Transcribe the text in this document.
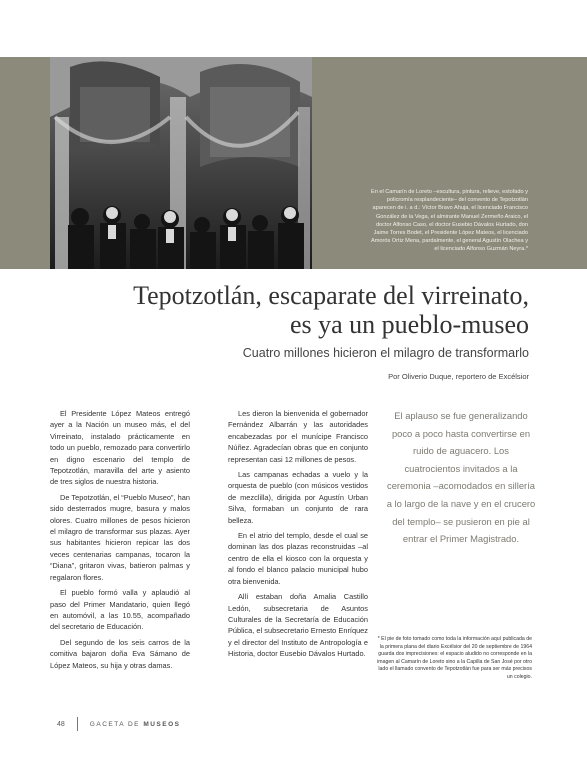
En el Camarín de Loreto –escultura, pintura, relieve, estofado y policromía resplandeciente– del convento de Tepotzotlán aparecen de i. a d.: Víctor Bravo Ahuja, el licenciado Francisco González de la Vega, el almirante Manuel Zermeño Araico, el doctor Alfonso Caso, el doctor Eusebio Dávalos Hurtado, don Jaime Torres Bodet, el Presidente López Mateos, el licenciado Amorós Ortiz Mena, pardalmente, el general Agustín Olachea y el licenciado Alfonso Guzmán Neyra.*
Tepotzotlán, escaparate del virreinato,
es ya un pueblo-museo
Cuatro millones hicieron el milagro de transformarlo
Por Oliverio Duque, reportero de Excélsior

El Presidente López Mateos entregó ayer a la Nación un museo más, el del Virreinato, instalado prácticamente en todo un pueblo, remozado para convertirlo en digno escenario del templo de Tepotzotlán, maravilla del arte y asiento de tres siglos de nuestra historia.

De Tepotzotlán, el “Pueblo Museo”, han sido desterrados mugre, basura y malos olores. Cuatro millones de pesos hicieron el milagro de transformar sus plazas. Ayer sus habitantes hicieron repicar las dos veces centenarias campanas, tocaron la “Diana”, gritaron vivas, batieron palmas y regalaron flores.

El pueblo formó valla y aplaudió al paso del Primer Mandatario, quien llegó en automóvil, a las 10.55, acompañado del secretario de Educación.

Del segundo de los seis carros de la comitiva bajaron doña Eva Sámano de López Mateos, su hija y otras damas.

Les dieron la bienvenida el gobernador Fernández Albarrán y las autoridades encabezadas por el munícipe Francisco Núñez. Agradecían obras que en conjunto representan casi 12 millones de pesos.

Las campanas echadas a vuelo y la orquesta de pueblo (con músicos vestidos de mezclilla), dirigida por Agustín Urban Silva, formaban un conjunto de rara belleza.

En el atrio del templo, desde el cual se dominan las dos plazas reconstruidas –al centro de ella el kiosco con la orquesta y al fondo el blanco palacio municipal hubo otra bienvenida.

Allí estaban doña Amalia Castillo Ledón, subsecretaria de Asuntos Culturales de la Secretaría de Educación Pública, el subsecretario Ernesto Enríquez y el director del Instituto de Antropología e Historia, doctor Eusebio Dávalos Hurtado.

El aplauso se fue generalizando poco a poco hasta convertirse en ruido de aguacero. Los cuatrocientos invitados a la ceremonia –acomodados en sillería a lo largo de la nave y en el crucero del templo– se pusieron en pie al entrar el Primer Magistrado.
* El pie de foto tomado como toda la información aquí publicada de la primera plana del diario Excélsior del 20 de septiembre de 1964 guarda dos imprecisiones: el espacio aludido no corresponde en la imagen al Camarín de Loreto sino a la Capilla de San José por otro lado el llamado convento de Tepotzotlán fue para ser más precisos un colegio.
48	GACETA DE MUSEOS
